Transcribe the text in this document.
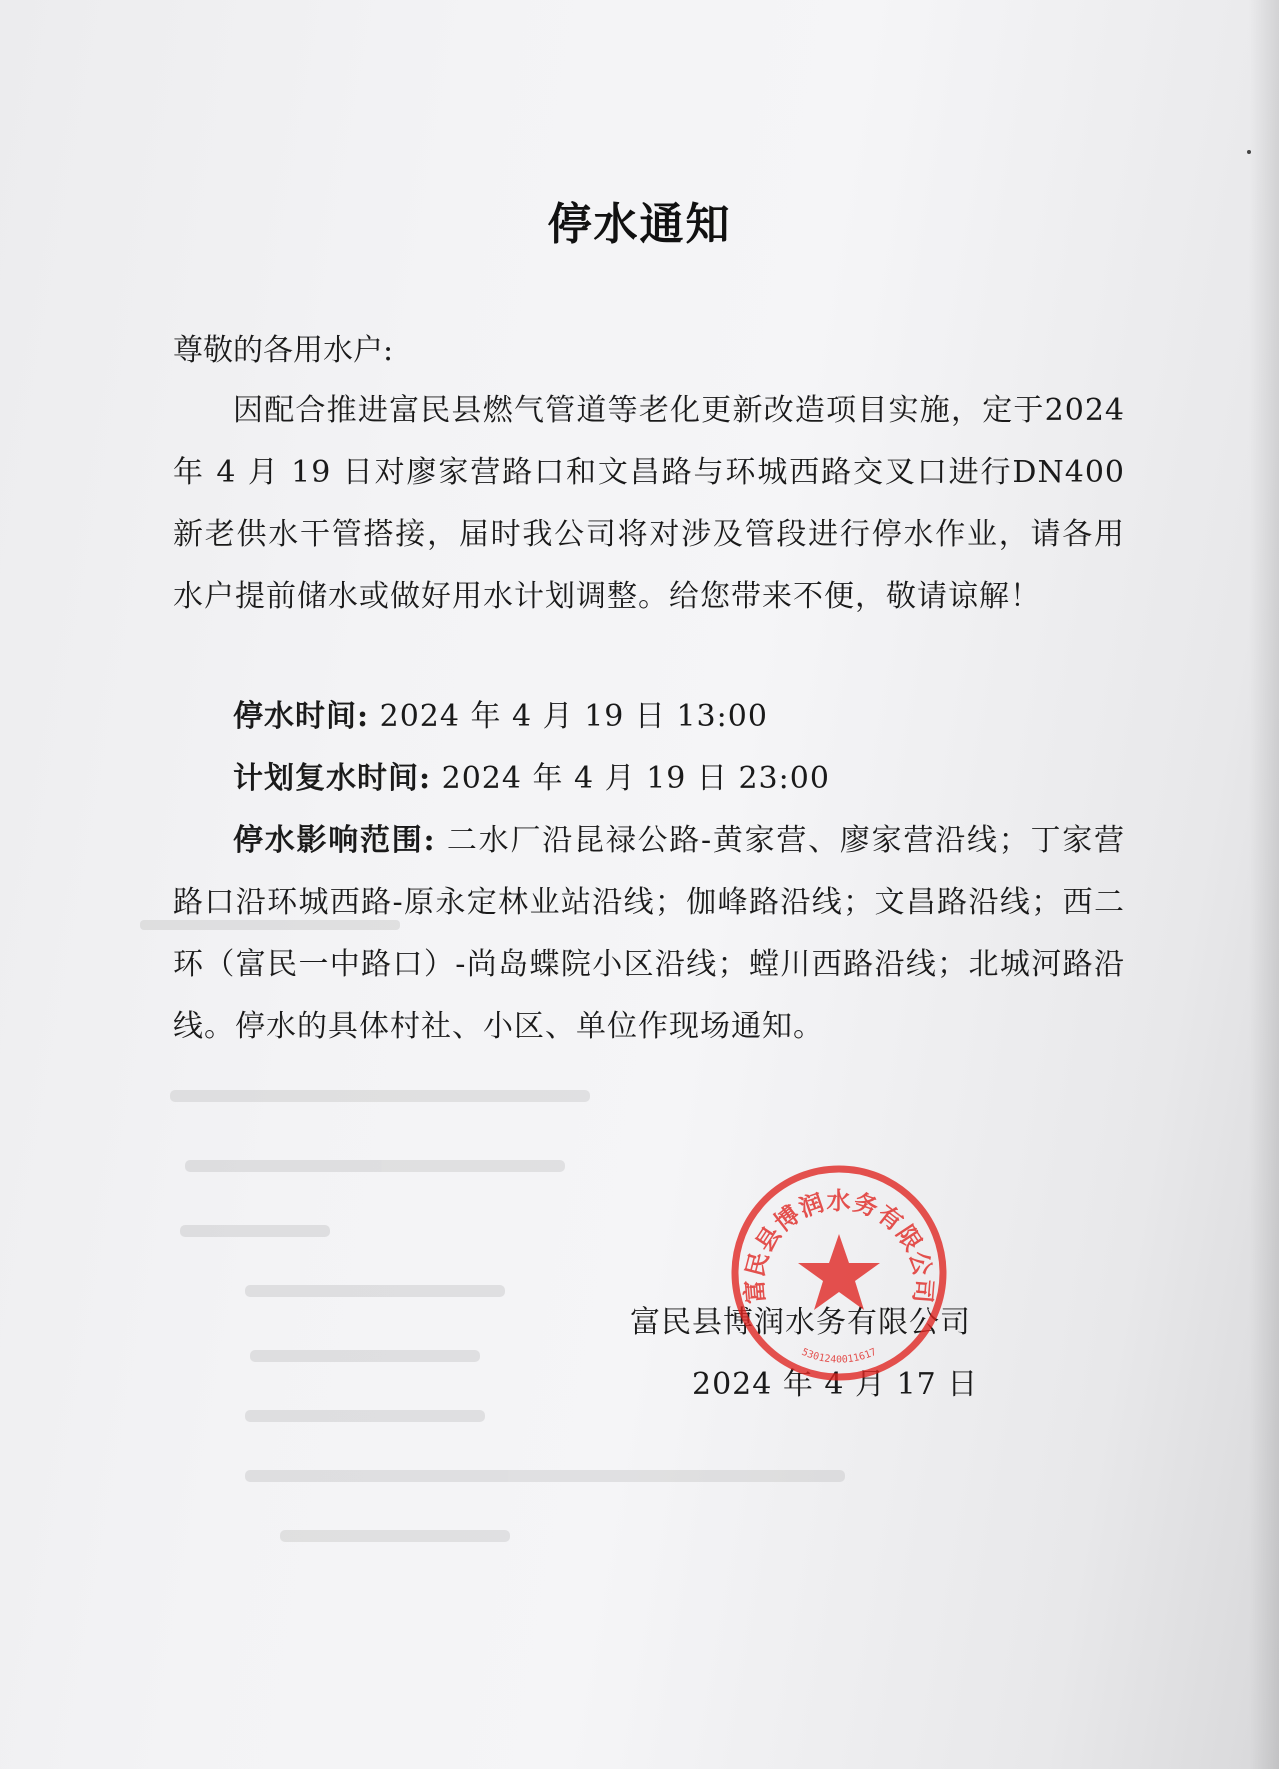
停水通知
尊敬的各用水户:
因配合推进富民县燃气管道等老化更新改造项目实施，定于2024 年 4 月 19 日对廖家营路口和文昌路与环城西路交叉口进行DN400 新老供水干管搭接，届时我公司将对涉及管段进行停水作业，请各用水户提前储水或做好用水计划调整。给您带来不便，敬请谅解！
停水时间: 2024 年 4 月 19 日 13:00
计划复水时间: 2024 年 4 月 19 日 23:00
停水影响范围: 二水厂沿昆禄公路-黄家营、廖家营沿线；丁家营路口沿环城西路-原永定林业站沿线；伽峰路沿线；文昌路沿线；西二环（富民一中路口）-尚岛蝶院小区沿线；螳川西路沿线；北城河路沿线。停水的具体村社、小区、单位作现场通知。
富民县博润水务有限公司
2024 年 4 月 17 日
富民县博润水务有限公司
5301240011617
